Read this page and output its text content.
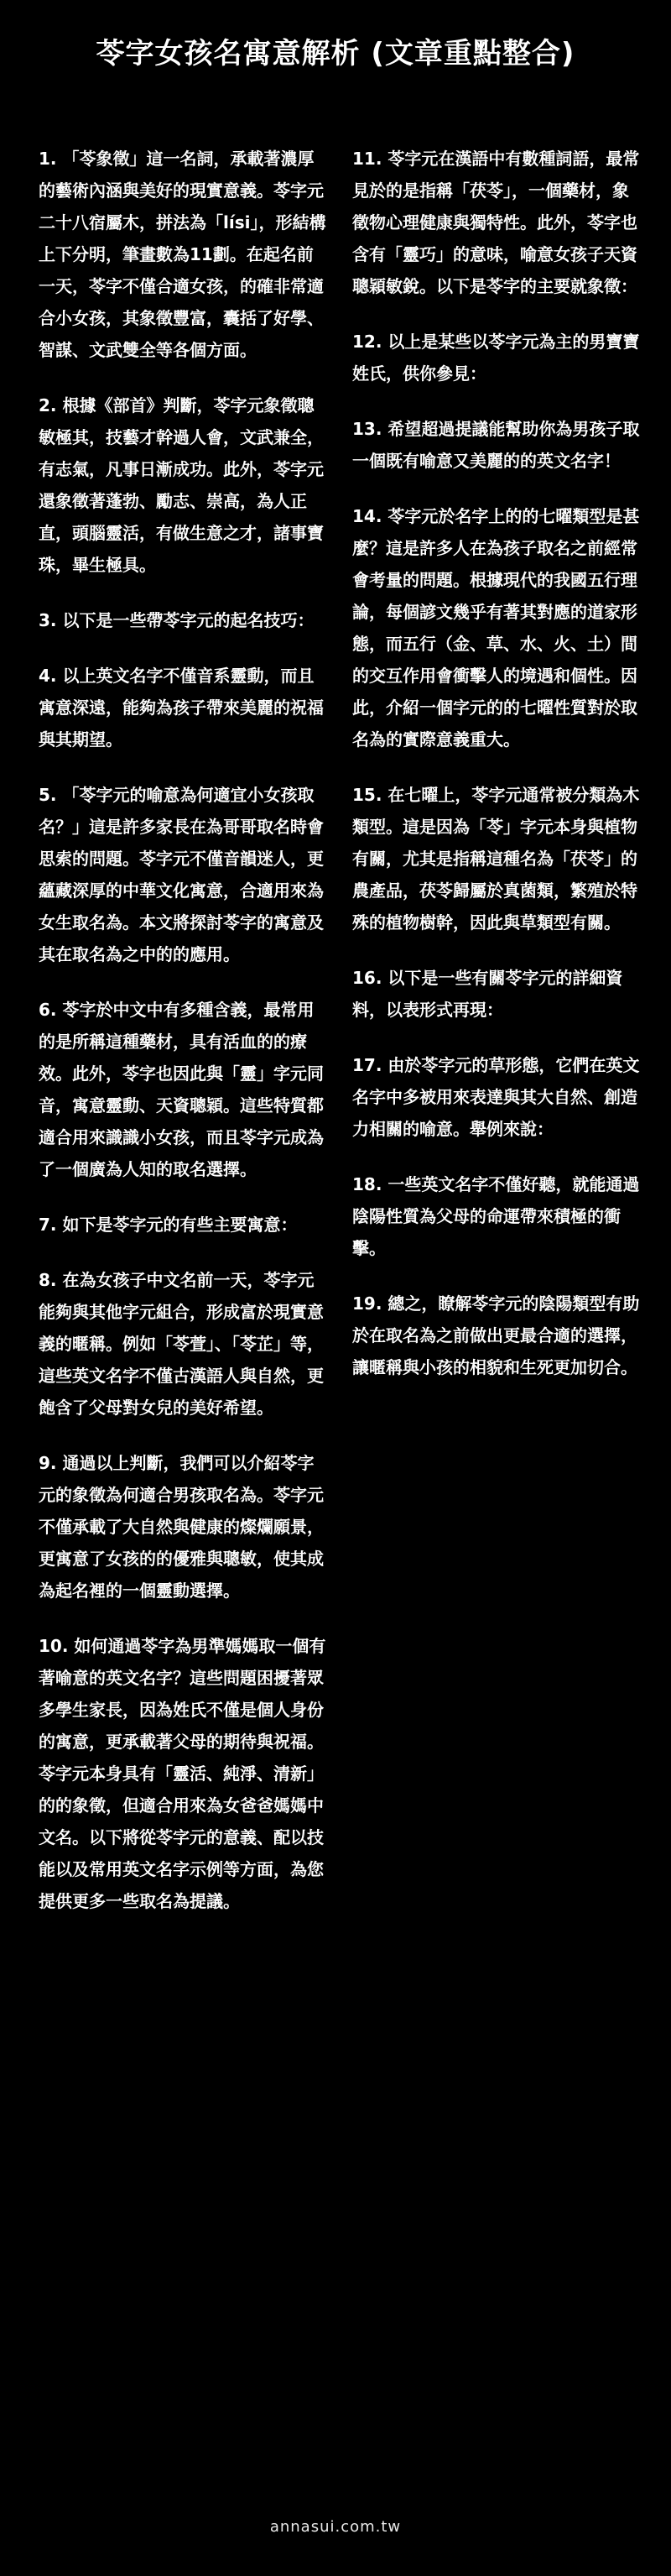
苓字女孩名寓意解析 (文章重點整合)

1. 「苓象徵」這一名詞，承載著濃厚的藝術內涵與美好的現實意義。苓字元二十八宿屬木，拼法為「lísi」，形結構上下分明，筆畫數為11劃。在起名前一天，苓字不僅合適女孩，的確非常適合小女孩，其象徵豐富，囊括了好學、智謀、文武雙全等各個方面。

2. 根據《部首》判斷，苓字元象徵聰敏極其，技藝才幹過人會，文武兼全，有志氣，凡事日漸成功。此外，苓字元還象徵著蓬勃、勵志、崇高，為人正直，頭腦靈活，有做生意之才，諸事寶珠，畢生極具。

3. 以下是一些帶苓字元的起名技巧：

4. 以上英文名字不僅音系靈動，而且寓意深遠，能夠為孩子帶來美麗的祝福與其期望。

5. 「苓字元的喻意為何適宜小女孩取名？」這是許多家長在為哥哥取名時會思索的問題。苓字元不僅音韻迷人，更蘊藏深厚的中華文化寓意，合適用來為女生取名為。本文將探討苓字的寓意及其在取名為之中的的應用。

6. 苓字於中文中有多種含義，最常用的是所稱這種藥材，具有活血的的療效。此外，苓字也因此與「靈」字元同音，寓意靈動、天資聰穎。這些特質都適合用來識識小女孩，而且苓字元成為了一個廣為人知的取名選擇。

7. 如下是苓字元的有些主要寓意：

8. 在為女孩子中文名前一天，苓字元能夠與其他字元組合，形成富於現實意義的暱稱。例如「苓萱」、「苓芷」等，這些英文名字不僅古漢語人與自然，更飽含了父母對女兒的美好希望。

9. 通過以上判斷，我們可以介紹苓字元的象徵為何適合男孩取名為。苓字元不僅承載了大自然與健康的燦爛願景，更寓意了女孩的的優雅與聰敏，使其成為起名裡的一個靈動選擇。

10. 如何通過苓字為男準媽媽取一個有著喻意的英文名字？這些問題困擾著眾多學生家長，因為姓氏不僅是個人身份的寓意，更承載著父母的期待與祝福。苓字元本身具有「靈活、純淨、清新」的的象徵，但適合用來為女爸爸媽媽中文名。以下將從苓字元的意義、配以技能以及常用英文名字示例等方面，為您提供更多一些取名為提議。

11. 苓字元在漢語中有數種詞語，最常見於的是指稱「茯苓」，一個藥材，象徵物心理健康與獨特性。此外，苓字也含有「靈巧」的意味，喻意女孩子天資聰穎敏銳。以下是苓字的主要就象徵：

12. 以上是某些以苓字元為主的男寶寶姓氏，供你參見：

13. 希望超過提議能幫助你為男孩子取一個既有喻意又美麗的的英文名字！

14. 苓字元於名字上的的七曜類型是甚麼？這是許多人在為孩子取名之前經常會考量的問題。根據現代的我國五行理論，每個諺文幾乎有著其對應的道家形態，而五行（金、草、水、火、土）間的交互作用會衝擊人的境遇和個性。因此，介紹一個字元的的七曜性質對於取名為的實際意義重大。

15. 在七曜上，苓字元通常被分類為木 類型。這是因為「苓」字元本身與植物有關，尤其是指稱這種名為「茯苓」的農產品，茯苓歸屬於真菌類，繁殖於特殊的植物樹幹，因此與草類型有關。

16. 以下是一些有關苓字元的詳細資料，以表形式再現：

17. 由於苓字元的草形態，它們在英文名字中多被用來表達與其大自然、創造力相關的喻意。舉例來說：

18. 一些英文名字不僅好聽，就能通過陰陽性質為父母的命運帶來積極的衝擊。

19. 總之，瞭解苓字元的陰陽類型有助於在取名為之前做出更最合適的選擇，讓暱稱與小孩的相貌和生死更加切合。

annasui.com.tw
